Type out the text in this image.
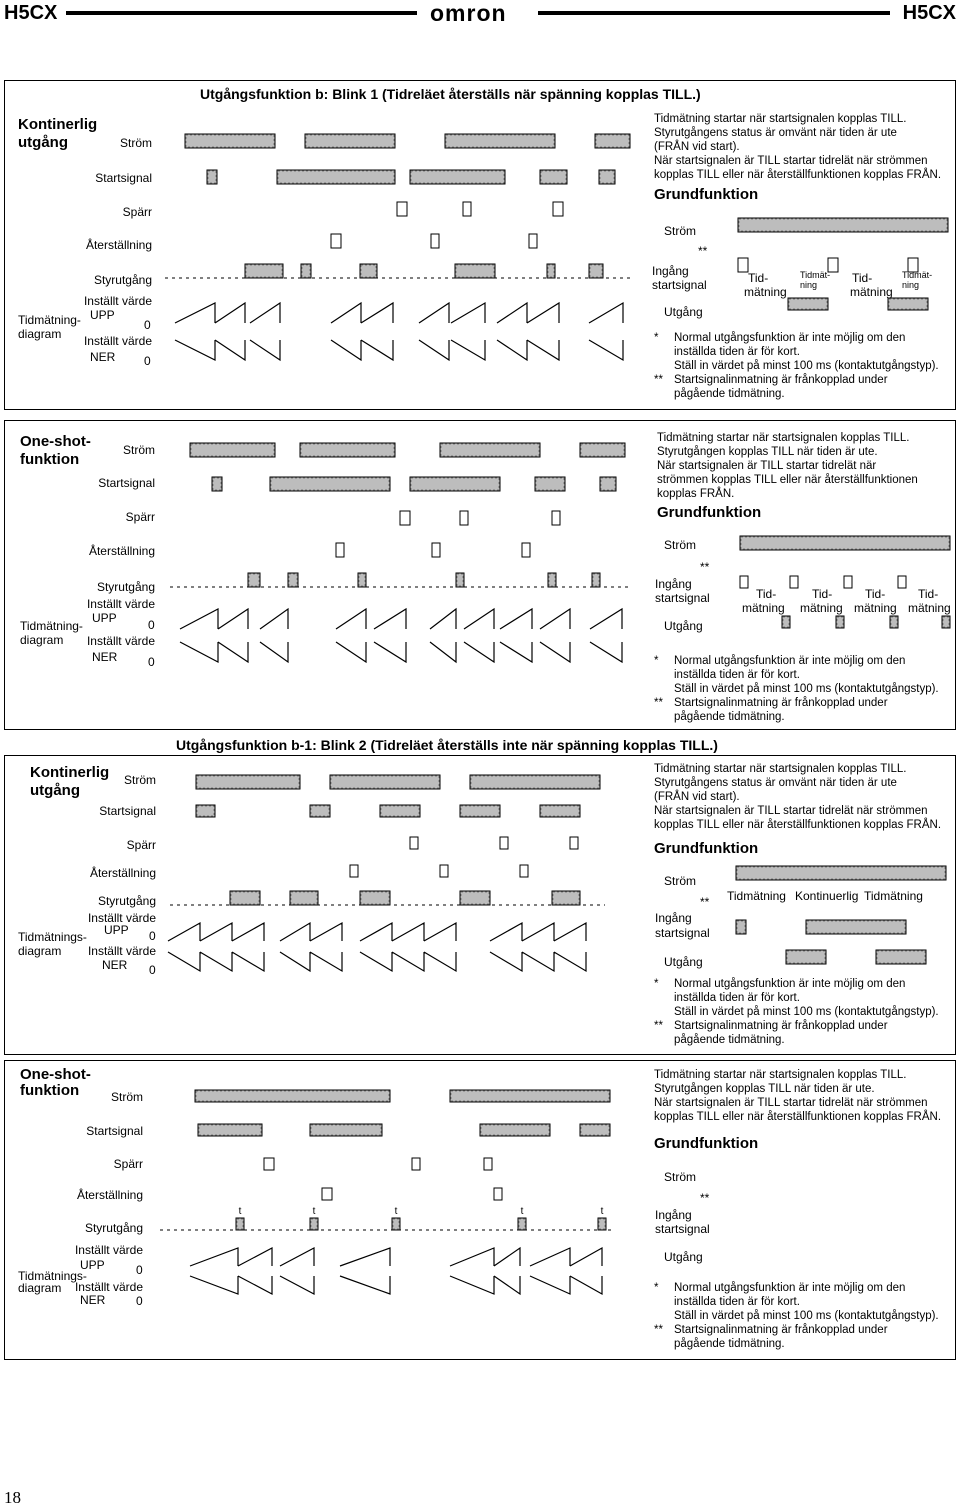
H5CX	omron	H5CX
Utgångsfunktion b: Blink 1 (Tidreläet återställs när spänning kopplas TILL.)
Kontinerlig
utgång	Ström
Startsignal
Spärr
Återställning
Styrutgång
Inställt värde
UPP
0
Tidmätning-
diagram Inställt värde
NER 0

Tidmätning startar när startsignalen kopplas TILL.

Styrutgångens status är omvänt när tiden är ute

(FRÅN vid start).

När startsignalen är TILL startar tidrelät när strömmen

kopplas TILL eller när återställfunktionen kopplas FRÅN.

Grundfunktion
Ström
**
Ingång
startsignal
Utgång
Tid-
mätning
Tidmät-
ning	Tid-
mätning
Tidmät-
ning
*	Normal utgångsfunktion är inte möjlig om den
inställda tiden är för kort.
Ställ in värdet på minst 100 ms (kontaktutgångstyp).
** Startsignalinmatning är frånkopplad under
pågående tidmätning.
One-shot-
funktion
Ström
Startsignal
Spärr
Återställning
Styrutgång
Inställt värde
UPP	0
Tidmätning-
diagram Inställt värde
NER	0

Tidmätning startar när startsignalen kopplas TILL.

Styrutgången kopplas TILL när tiden är ute.

När startsignalen är TILL startar tidrelät när

strömmen kopplas TILL eller när återställfunktionen

kopplas FRÅN.

Grundfunktion
Ström
**
Ingång
startsignal
Utgång
Tid-
mätning
Tid-
mätning
Tid-
mätning
Tid-
mätning
*	Normal utgångsfunktion är inte möjlig om den
inställda tiden är för kort.
Ställ in värdet på minst 100 ms (kontaktutgångstyp).
** Startsignalinmatning är frånkopplad under
pågående tidmätning.
Utgångsfunktion b-1: Blink 2 (Tidreläet återställs inte när spänning kopplas TILL.)
Kontinerlig
utgång
Ström
Startsignal
Spärr
Återställning
Styrutgång
Inställt värde
UPP 0
Tidmätnings-
diagram Inställt värde
NER 0

Tidmätning startar när startsignalen kopplas TILL.

Styrutgångens status är omvänt när tiden är ute

(FRÅN vid start).

När startsignalen är TILL startar tidrelät när strömmen

kopplas TILL eller när återställfunktionen kopplas FRÅN.

Grundfunktion
Ström
**
Ingång
startsignal
Utgång
Tidmätning Kontinuerlig Tidmätning
*	Normal utgångsfunktion är inte möjlig om den
inställda tiden är för kort.
Ställ in värdet på minst 100 ms (kontaktutgångstyp).
** Startsignalinmatning är frånkopplad under
pågående tidmätning.
One-shot-
funktion	Ström
Startsignal
Spärr
Återställning
Styrutgång
Inställt värde
UPP	0
Tidmätnings-
diagram Inställt värde
NER	0
t	t	t	t	t

Tidmätning startar när startsignalen kopplas TILL.

Styrutgången kopplas TILL när tiden är ute.

När startsignalen är TILL startar tidrelät när strömmen

kopplas TILL eller när återställfunktionen kopplas FRÅN.

Grundfunktion
Ström
**
Ingång
startsignal
Utgång
*	Normal utgångsfunktion är inte möjlig om den
inställda tiden är för kort.
Ställ in värdet på minst 100 ms (kontaktutgångstyp).
** Startsignalinmatning är frånkopplad under
pågående tidmätning.
18
